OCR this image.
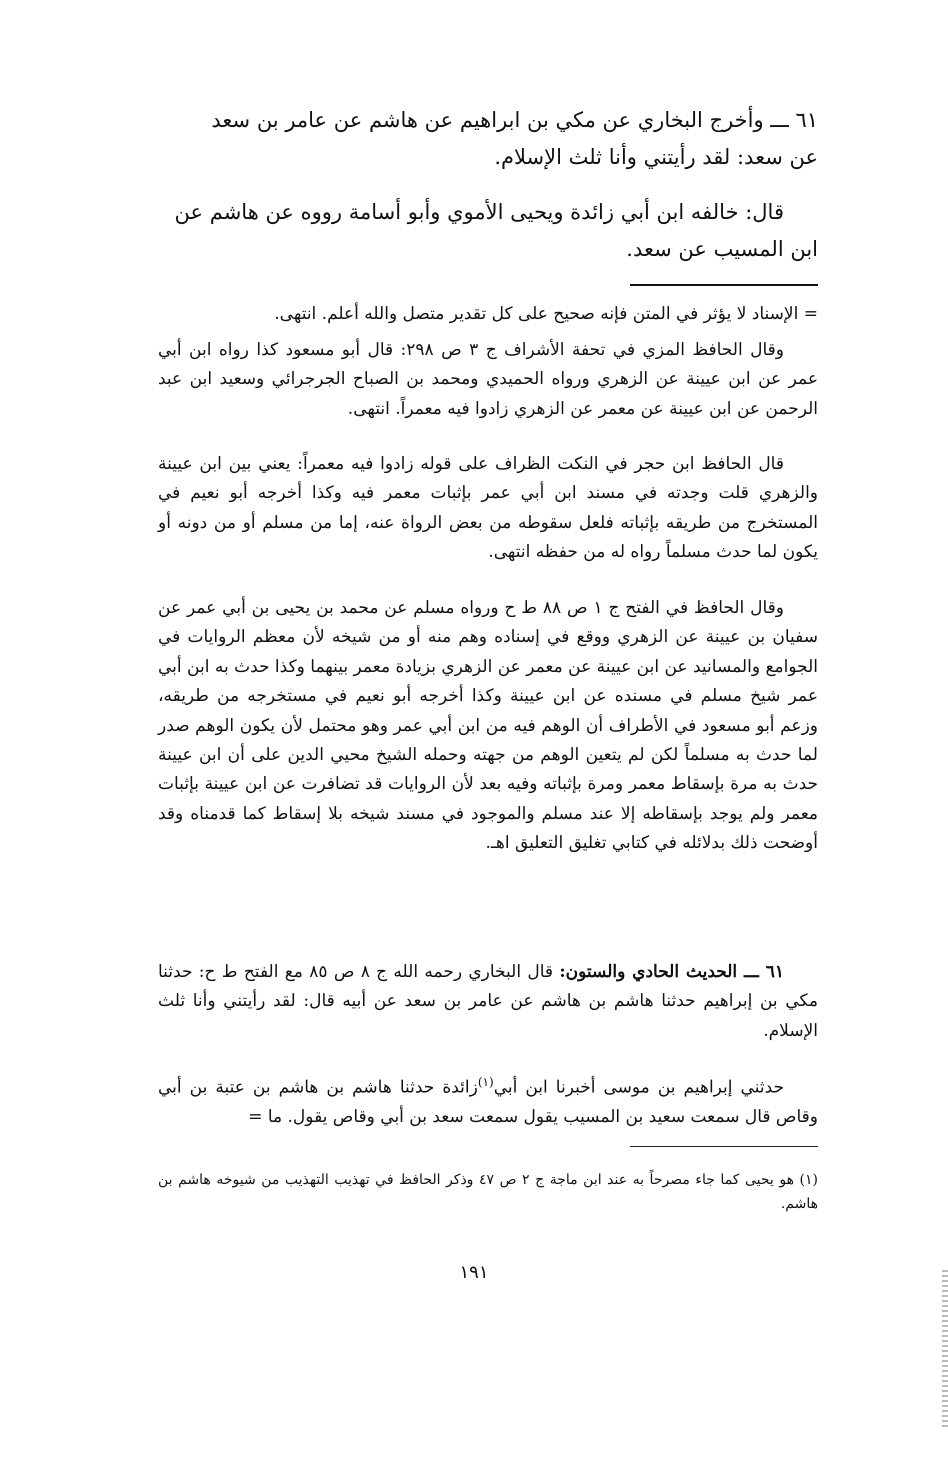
٦١ ـــ وأخرج البخاري عن مكي بن ابراهيم عن هاشم عن عامر بن سعد
عن سعد: لقد رأيتني وأنا ثلث الإسلام.

قال: خالفه ابن أبي زائدة ويحيى الأموي وأبو أسامة رووه عن هاشم عن
ابن المسيب عن سعد.

= الإسناد لا يؤثر في المتن فإنه صحيح على كل تقدير متصل والله أعلم. انتهى.

وقال الحافظ المزي في تحفة الأشراف ج ٣ ص ٢٩٨: قال أبو مسعود كذا رواه ابن أبي عمر عن ابن عيينة عن الزهري ورواه الحميدي ومحمد بن الصباح الجرجرائي وسعيد ابن عبد الرحمن عن ابن عيينة عن معمر عن الزهري زادوا فيه معمراً. انتهى.

قال الحافظ ابن حجر في النكت الظراف على قوله زادوا فيه معمراً: يعني بين ابن عيينة والزهري قلت وجدته في مسند ابن أبي عمر بإثبات معمر فيه وكذا أخرجه أبو نعيم في المستخرج من طريقه بإثباته فلعل سقوطه من بعض الرواة عنه، إما من مسلم أو من دونه أو يكون لما حدث مسلماً رواه له من حفظه انتهى.

وقال الحافظ في الفتح ج ١ ص ٨٨ ط ح ورواه مسلم عن محمد بن يحيى بن أبي عمر عن سفيان بن عيينة عن الزهري ووقع في إسناده وهم منه أو من شيخه لأن معظم الروايات في الجوامع والمسانيد عن ابن عيينة عن معمر عن الزهري بزيادة معمر بينهما وكذا حدث به ابن أبي عمر شيخ مسلم في مسنده عن ابن عيينة وكذا أخرجه أبو نعيم في مستخرجه من طريقه، وزعم أبو مسعود في الأطراف أن الوهم فيه من ابن أبي عمر وهو محتمل لأن يكون الوهم صدر لما حدث به مسلماً لكن لم يتعين الوهم من جهته وحمله الشيخ محيي الدين على أن ابن عيينة حدث به مرة بإسقاط معمر ومرة بإثباته وفيه بعد لأن الروايات قد تضافرت عن ابن عيينة بإثبات معمر ولم يوجد بإسقاطه إلا عند مسلم والموجود في مسند شيخه بلا إسقاط كما قدمناه وقد أوضحت ذلك بدلائله في كتابي تغليق التعليق اهـ.

٦١ ـــ الحديث الحادي والستون: قال البخاري رحمه الله ج ٨ ص ٨٥ مع الفتح ط ح: حدثنا مكي بن إبراهيم حدثنا هاشم بن هاشم عن عامر بن سعد عن أبيه قال: لقد رأيتني وأنا ثلث الإسلام.

حدثني إبراهيم بن موسى أخبرنا ابن أبي$^{(١)}$زائدة حدثنا هاشم بن هاشم بن عتبة بن أبي وقاص قال سمعت سعيد بن المسيب يقول سمعت سعد بن أبي وقاص يقول. ما =

(١) هو يحيى كما جاء مصرحاً به عند ابن ماجة ج ٢ ص ٤٧ وذكر الحافظ في تهذيب التهذيب من شيوخه هاشم بن هاشم.

١٩١
